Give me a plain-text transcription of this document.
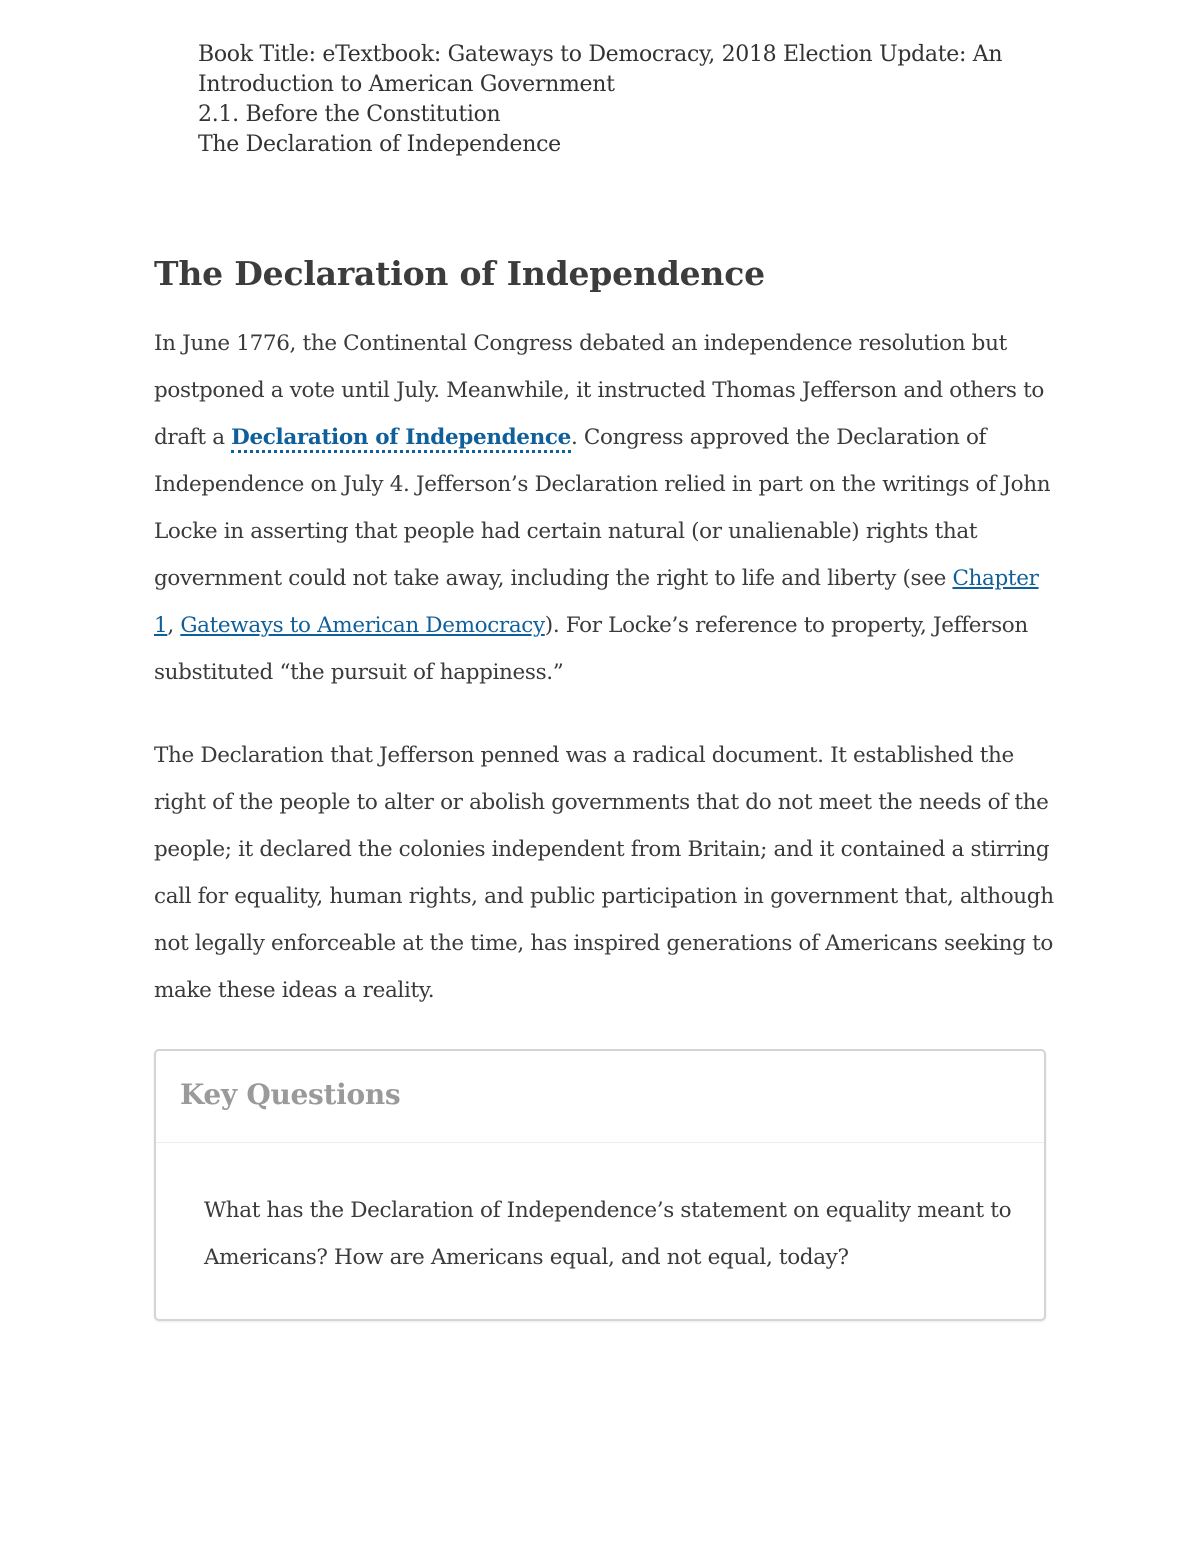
Book Title: eTextbook: Gateways to Democracy, 2018 Election Update: An
Introduction to American Government
2.1. Before the Constitution
The Declaration of Independence
The Declaration of Independence

In June 1776, the Continental Congress debated an independence resolution but postponed a vote until July. Meanwhile, it instructed Thomas Jefferson and others to draft a Declaration of Independence. Congress approved the Declaration of Independence on July 4. Jefferson’s Declaration relied in part on the writings of John Locke in asserting that people had certain natural (or unalienable) rights that government could not take away, including the right to life and liberty (see Chapter 1, Gateways to American Democracy). For Locke’s reference to property, Jefferson substituted “the pursuit of happiness.”

The Declaration that Jefferson penned was a radical document. It established the right of the people to alter or abolish governments that do not meet the needs of the people; it declared the colonies independent from Britain; and it contained a stirring call for equality, human rights, and public participation in government that, although not legally enforceable at the time, has inspired generations of Americans seeking to make these ideas a reality.

Key Questions

What has the Declaration of Independence’s statement on equality meant to Americans? How are Americans equal, and not equal, today?
